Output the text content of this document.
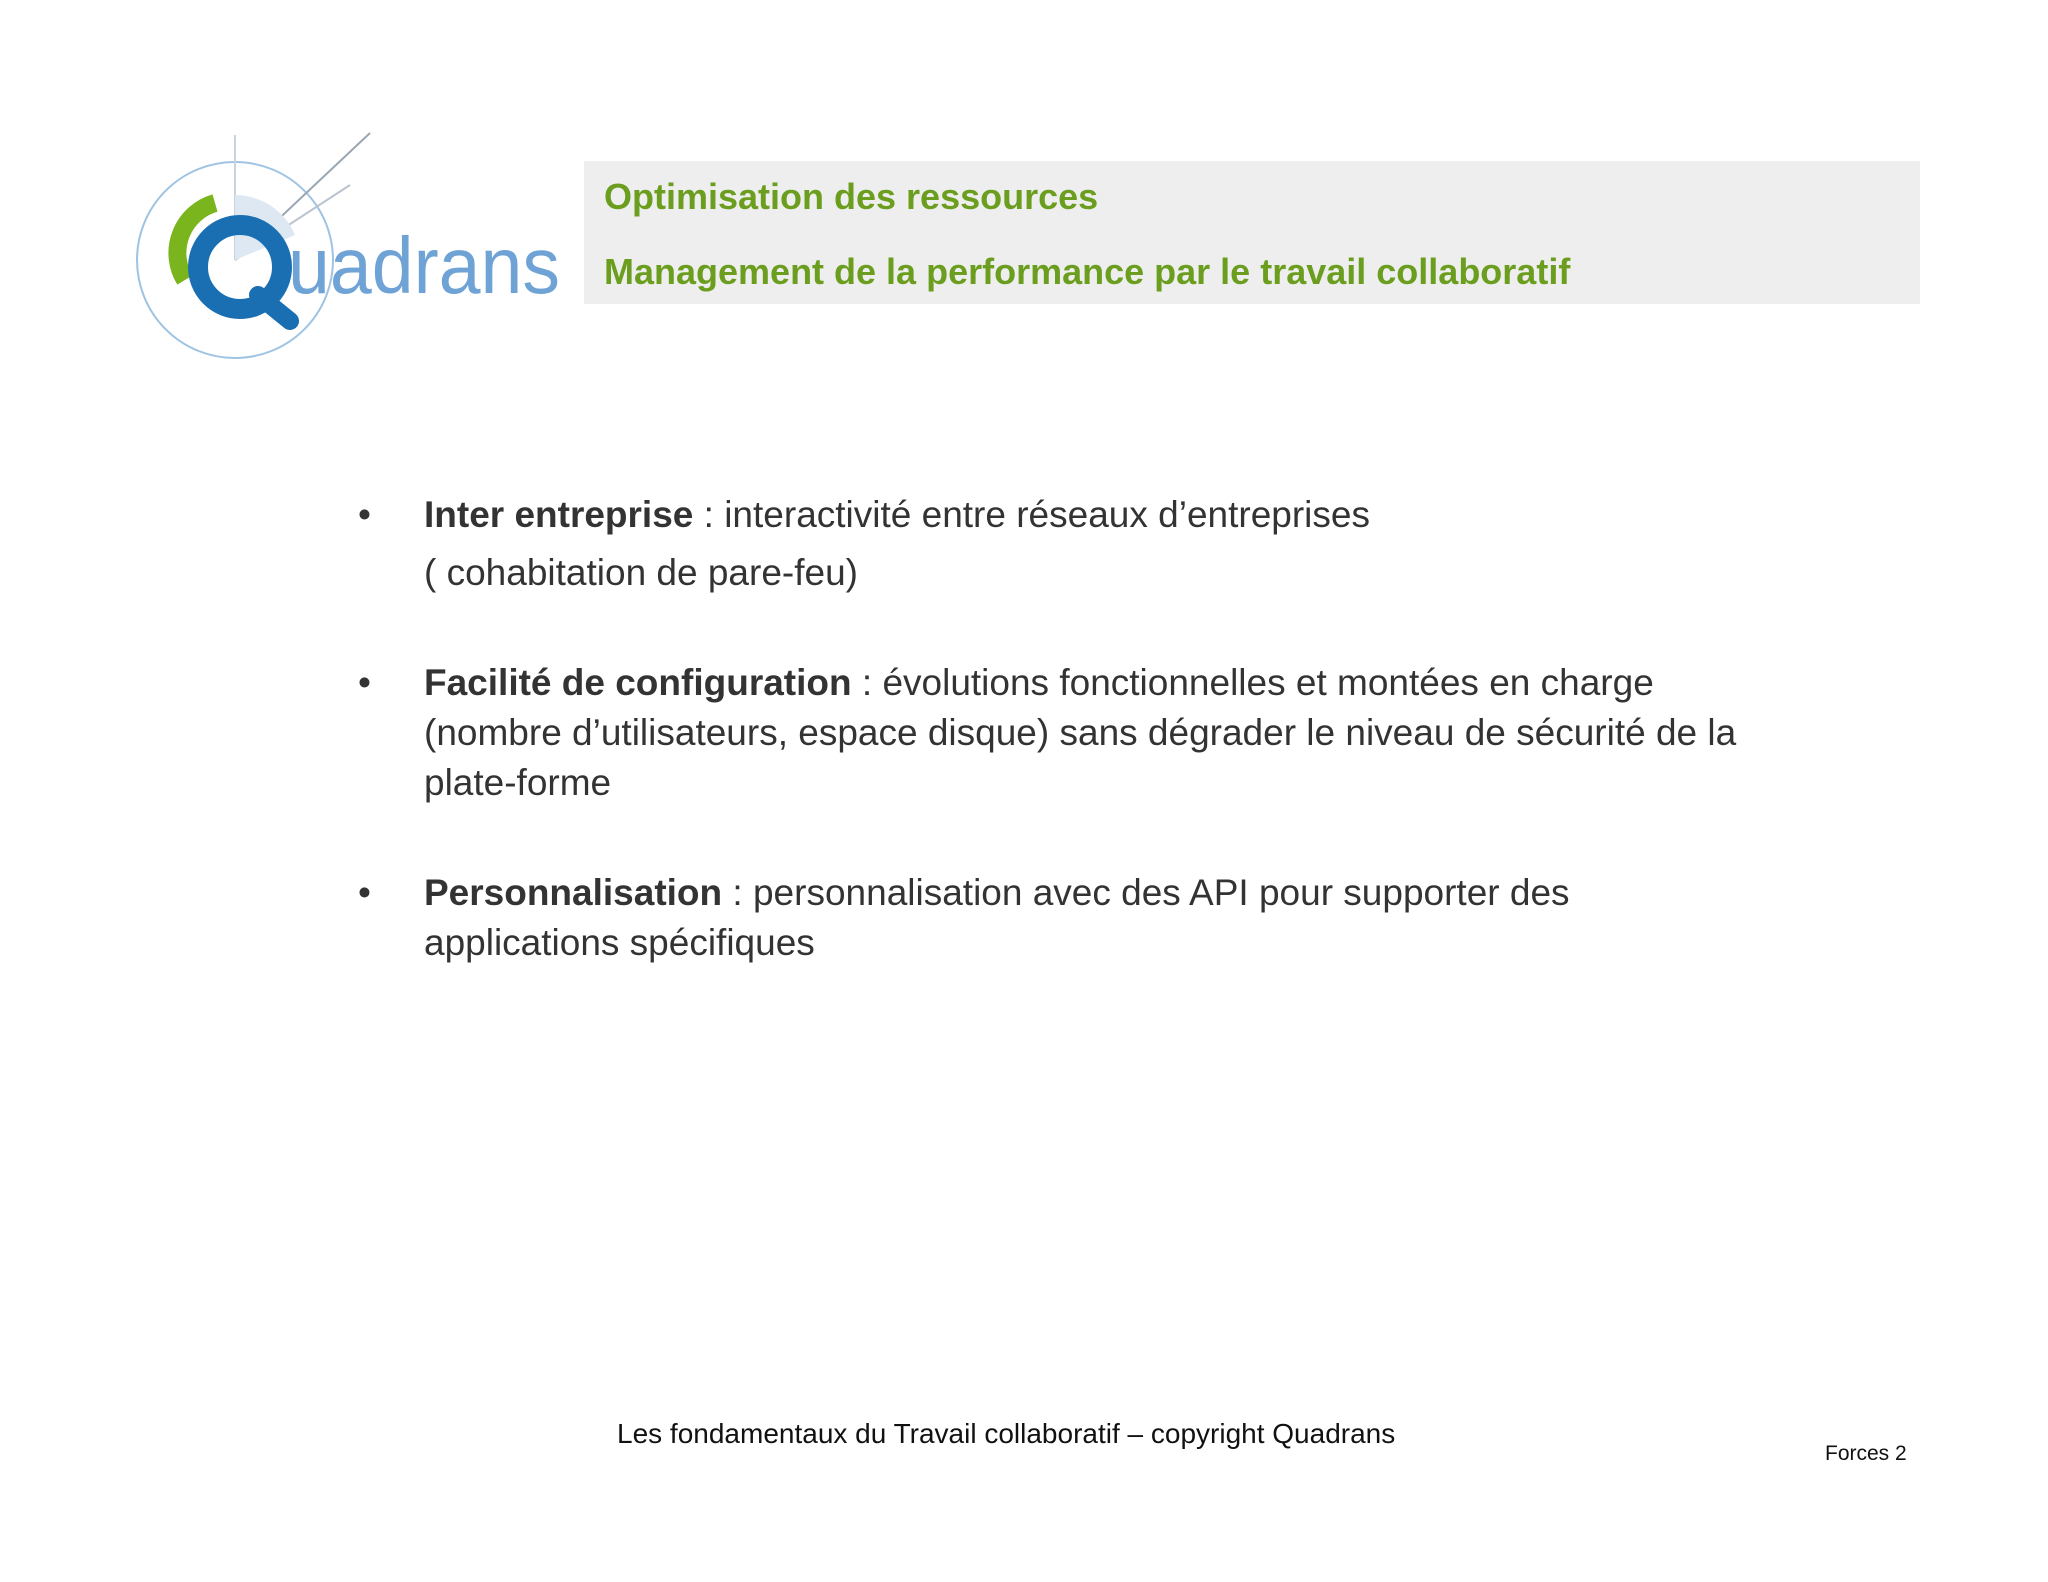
uadrans

Optimisation des ressources

Management de la performance par le travail collaboratif

• Inter entreprise : interactivité entre réseaux d’entreprises
( cohabitation de pare-feu)
• Facilité de configuration : évolutions fonctionnelles et montées en charge (nombre d’utilisateurs, espace disque) sans dégrader le niveau de sécurité de la plate-forme
• Personnalisation : personnalisation avec des API pour supporter des applications spécifiques
Les fondamentaux du Travail collaboratif – copyright Quadrans
Forces 2
